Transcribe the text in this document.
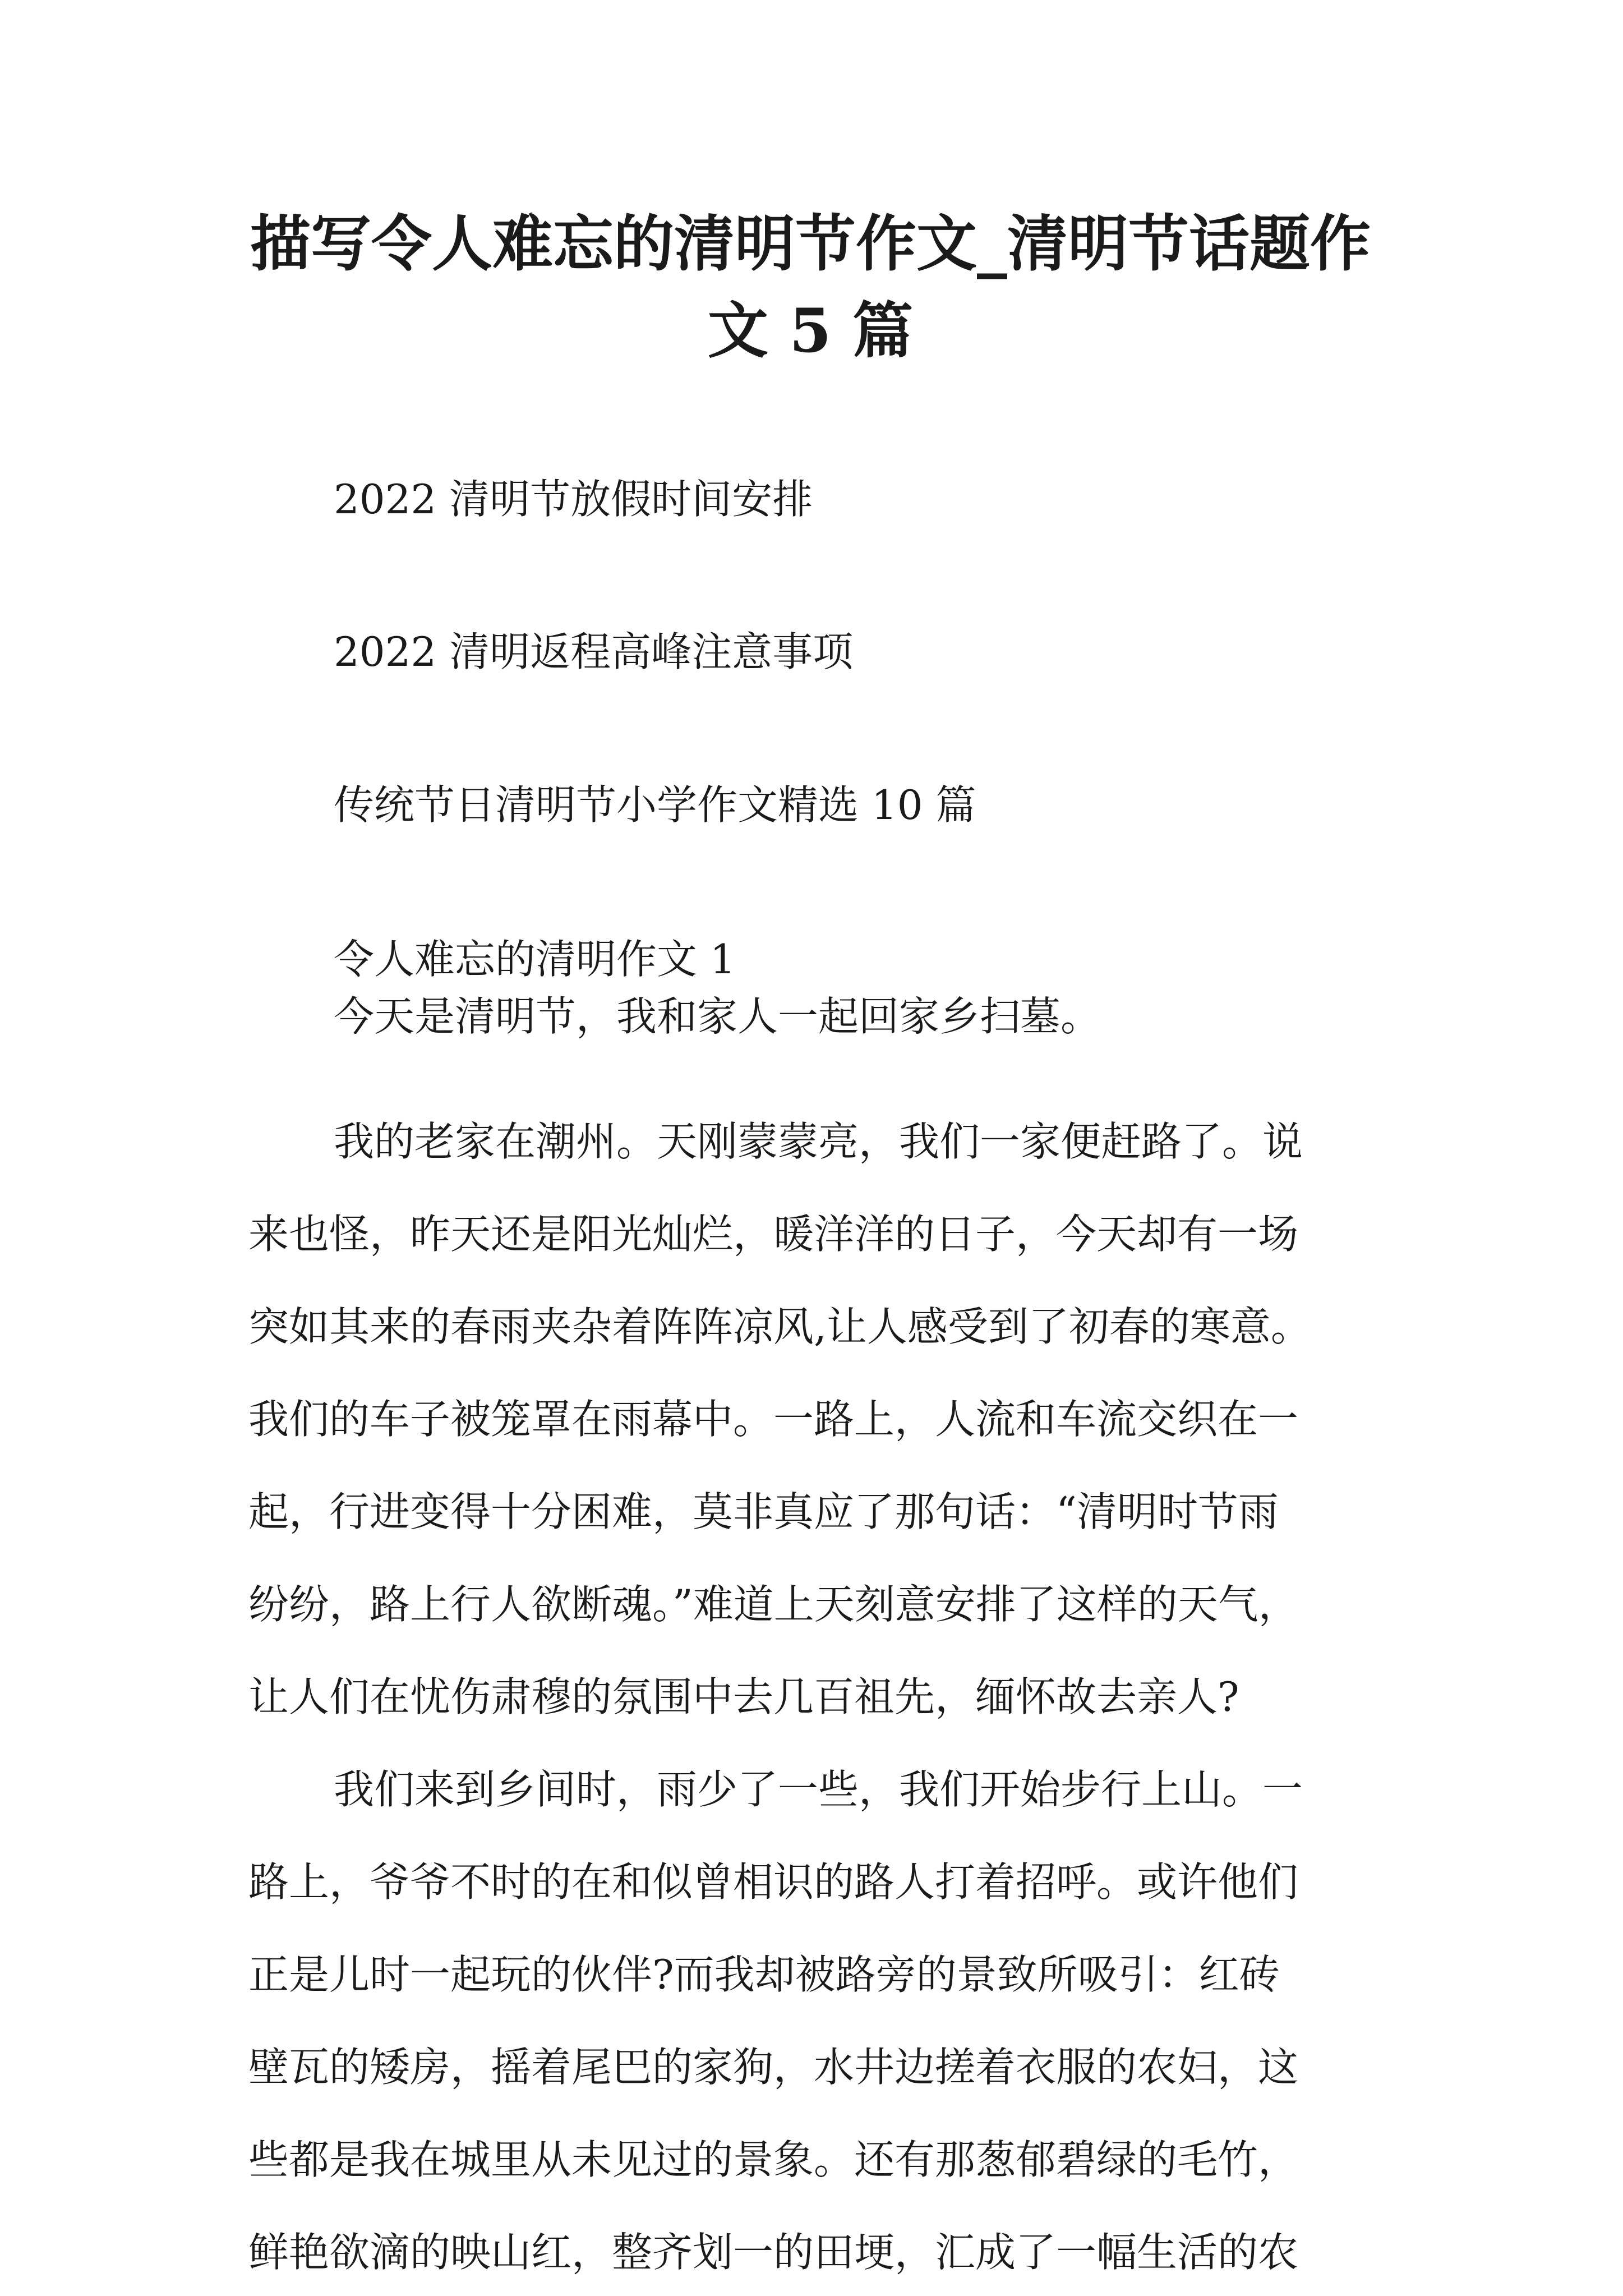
描写令人难忘的清明节作文_清明节话题作
文 5 篇
2022 清明节放假时间安排
2022 清明返程高峰注意事项
传统节日清明节小学作文精选 10 篇
令人难忘的清明作文 1
今天是清明节，我和家人一起回家乡扫墓。
我的老家在潮州。天刚蒙蒙亮，我们一家便赶路了。说
来也怪，昨天还是阳光灿烂，暖洋洋的日子，今天却有一场
突如其来的春雨夹杂着阵阵凉风,让人感受到了初春的寒意。
我们的车子被笼罩在雨幕中。一路上，人流和车流交织在一
起，行进变得十分困难，莫非真应了那句话：“清明时节雨
纷纷，路上行人欲断魂。”难道上天刻意安排了这样的天气，
让人们在忧伤肃穆的氛围中去几百祖先，缅怀故去亲人?
我们来到乡间时，雨少了一些，我们开始步行上山。一
路上，爷爷不时的在和似曾相识的路人打着招呼。或许他们
正是儿时一起玩的伙伴?而我却被路旁的景致所吸引：红砖
壁瓦的矮房，摇着尾巴的家狗，水井边搓着衣服的农妇，这
些都是我在城里从未见过的景象。还有那葱郁碧绿的毛竹，
鲜艳欲滴的映山红，整齐划一的田埂，汇成了一幅生活的农
